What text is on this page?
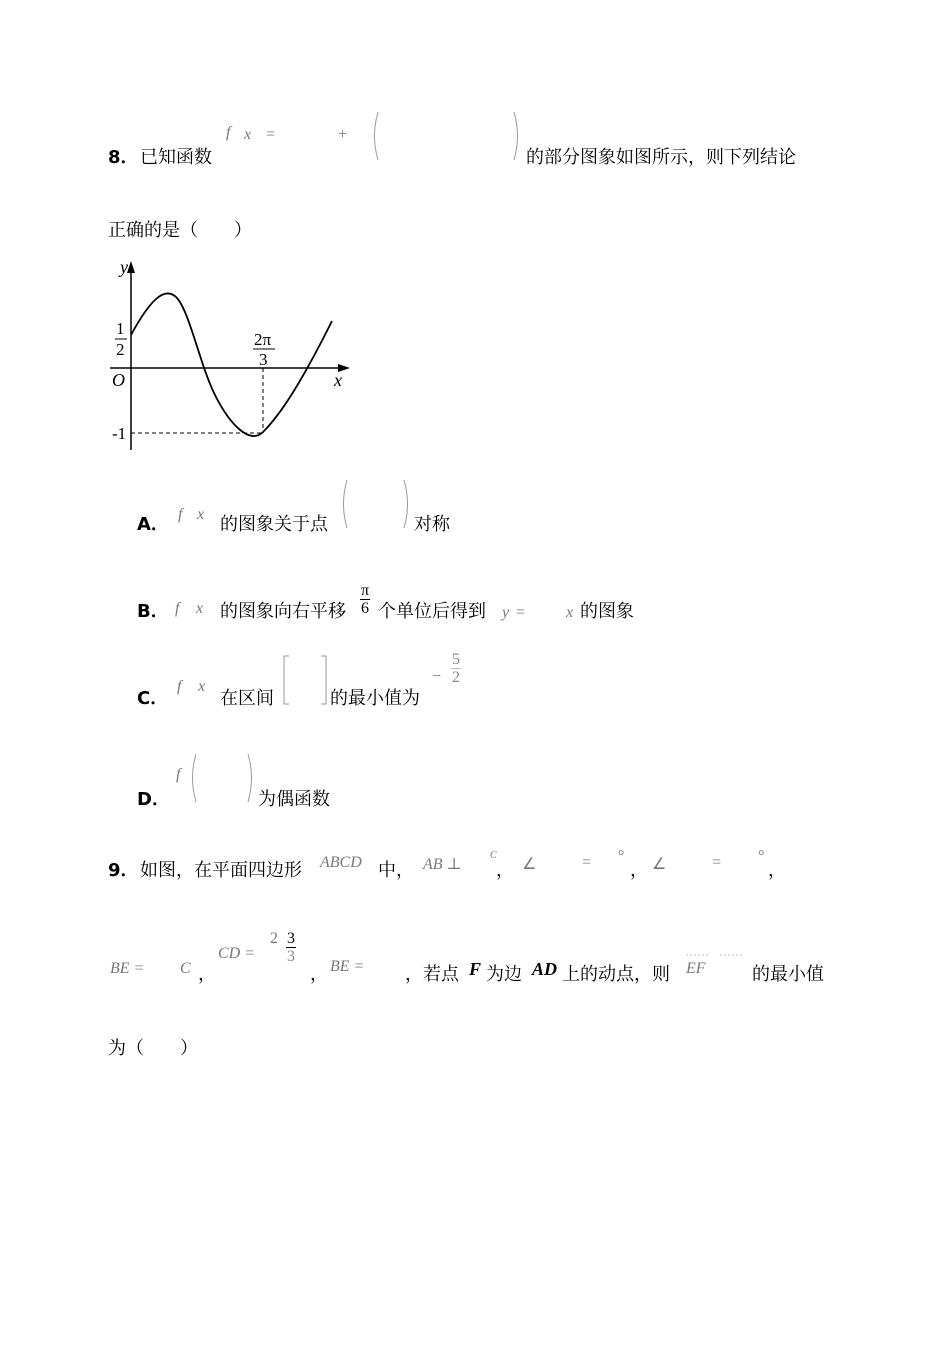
8． 已知函数
f x =	+
的部分图象如图所示，则下列结论
正确的是（　　）
y
x
O
1
2
2π
3
-1
A． f x 的图象关于点	对称
B． f x 的图象向右平移 $\frac{\pi}{6}$ 个单位后得到 y =	x 的图象
C．
f x
在区间	的最小值为
− $\frac{5}{2}$
D．
f
为偶函数
9． 如图，在平面四边形 ABCD 中， AB ⊥
C
， ∠	= °
， ∠	= °
，
BE = C ，
CD =
$2 \frac{3}{3}$
， BE = ，若点 F 为边 AD 上的动点，则 EF	的最小值
为（　　）
